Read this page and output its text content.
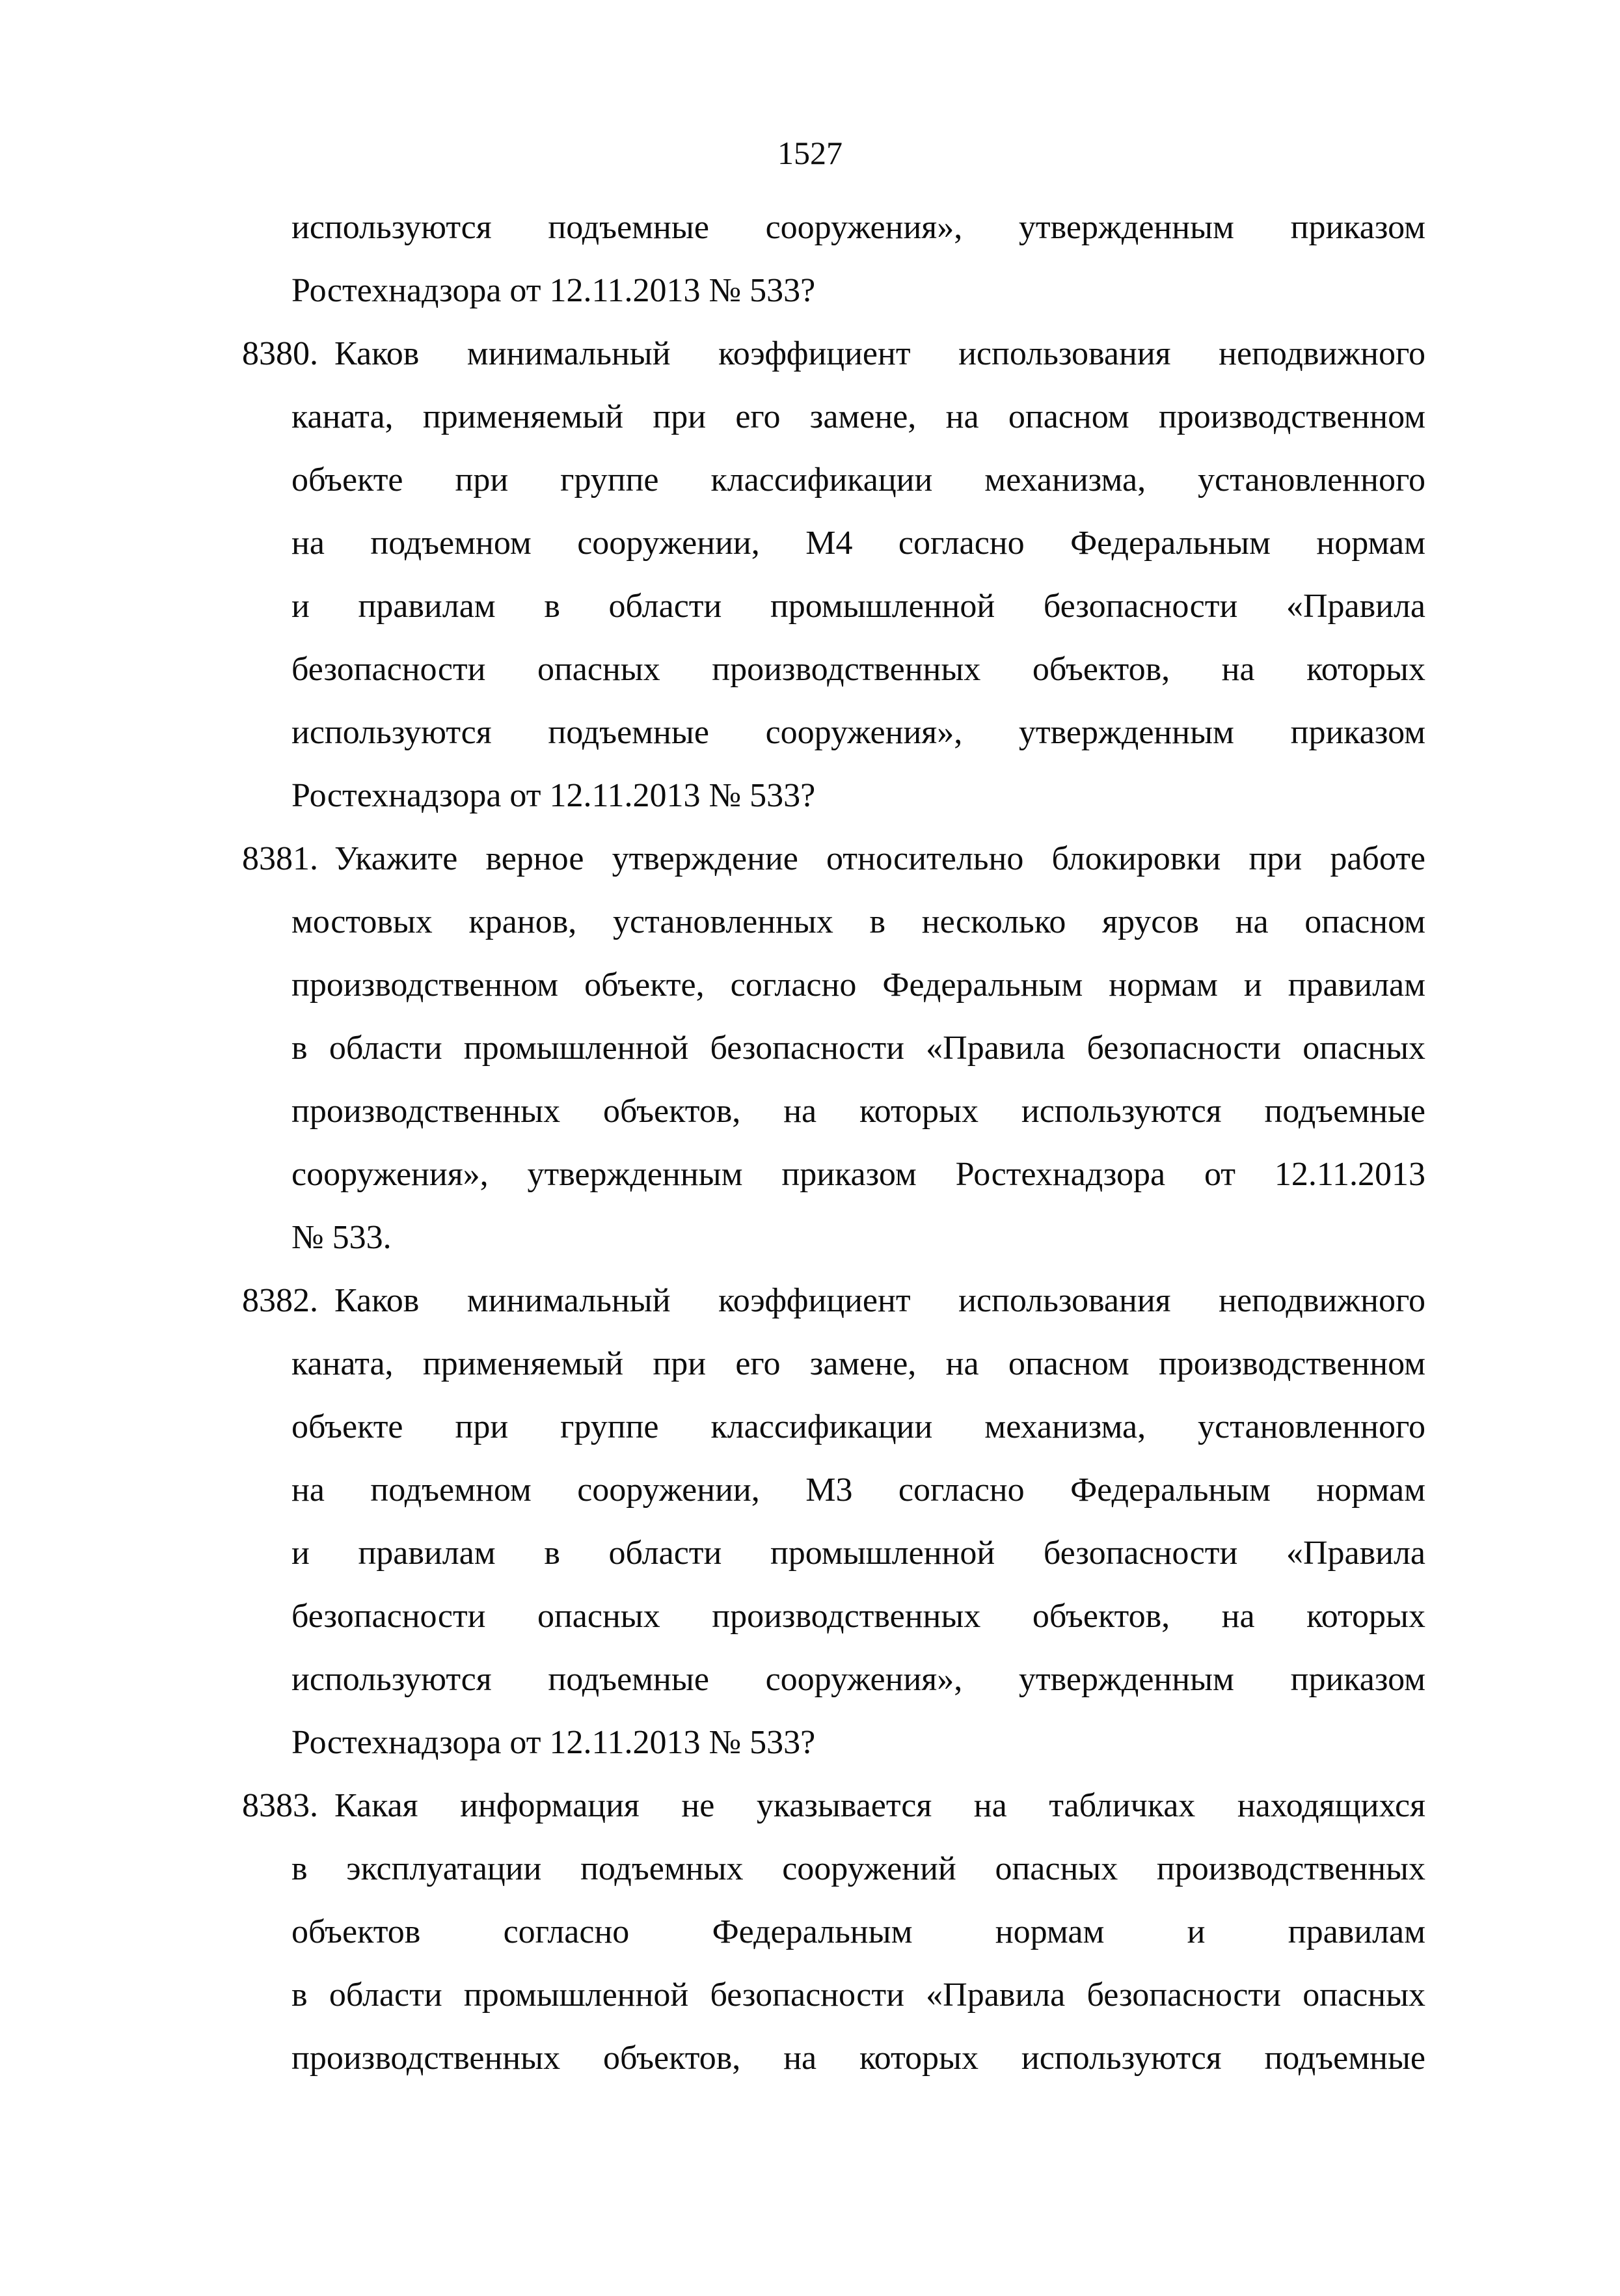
1527
используются подъемные сооружения», утвержденным приказом
Ростехнадзора от 12.11.2013 № 533?
8380. Каков минимальный коэффициент использования неподвижного
каната, применяемый при его замене, на опасном производственном
объекте при группе классификации механизма, установленного
на подъемном сооружении, М4 согласно Федеральным нормам
и правилам в области промышленной безопасности «Правила
безопасности опасных производственных объектов, на которых
используются подъемные сооружения», утвержденным приказом
Ростехнадзора от 12.11.2013 № 533?
8381. Укажите верное утверждение относительно блокировки при работе
мостовых кранов, установленных в несколько ярусов на опасном
производственном объекте, согласно Федеральным нормам и правилам
в области промышленной безопасности «Правила безопасности опасных
производственных объектов, на которых используются подъемные
сооружения», утвержденным приказом Ростехнадзора от 12.11.2013
№ 533.
8382. Каков минимальный коэффициент использования неподвижного
каната, применяемый при его замене, на опасном производственном
объекте при группе классификации механизма, установленного
на подъемном сооружении, М3 согласно Федеральным нормам
и правилам в области промышленной безопасности «Правила
безопасности опасных производственных объектов, на которых
используются подъемные сооружения», утвержденным приказом
Ростехнадзора от 12.11.2013 № 533?
8383. Какая информация не указывается на табличках находящихся
в эксплуатации подъемных сооружений опасных производственных
объектов согласно Федеральным нормам и правилам
в области промышленной безопасности «Правила безопасности опасных
производственных объектов, на которых используются подъемные
